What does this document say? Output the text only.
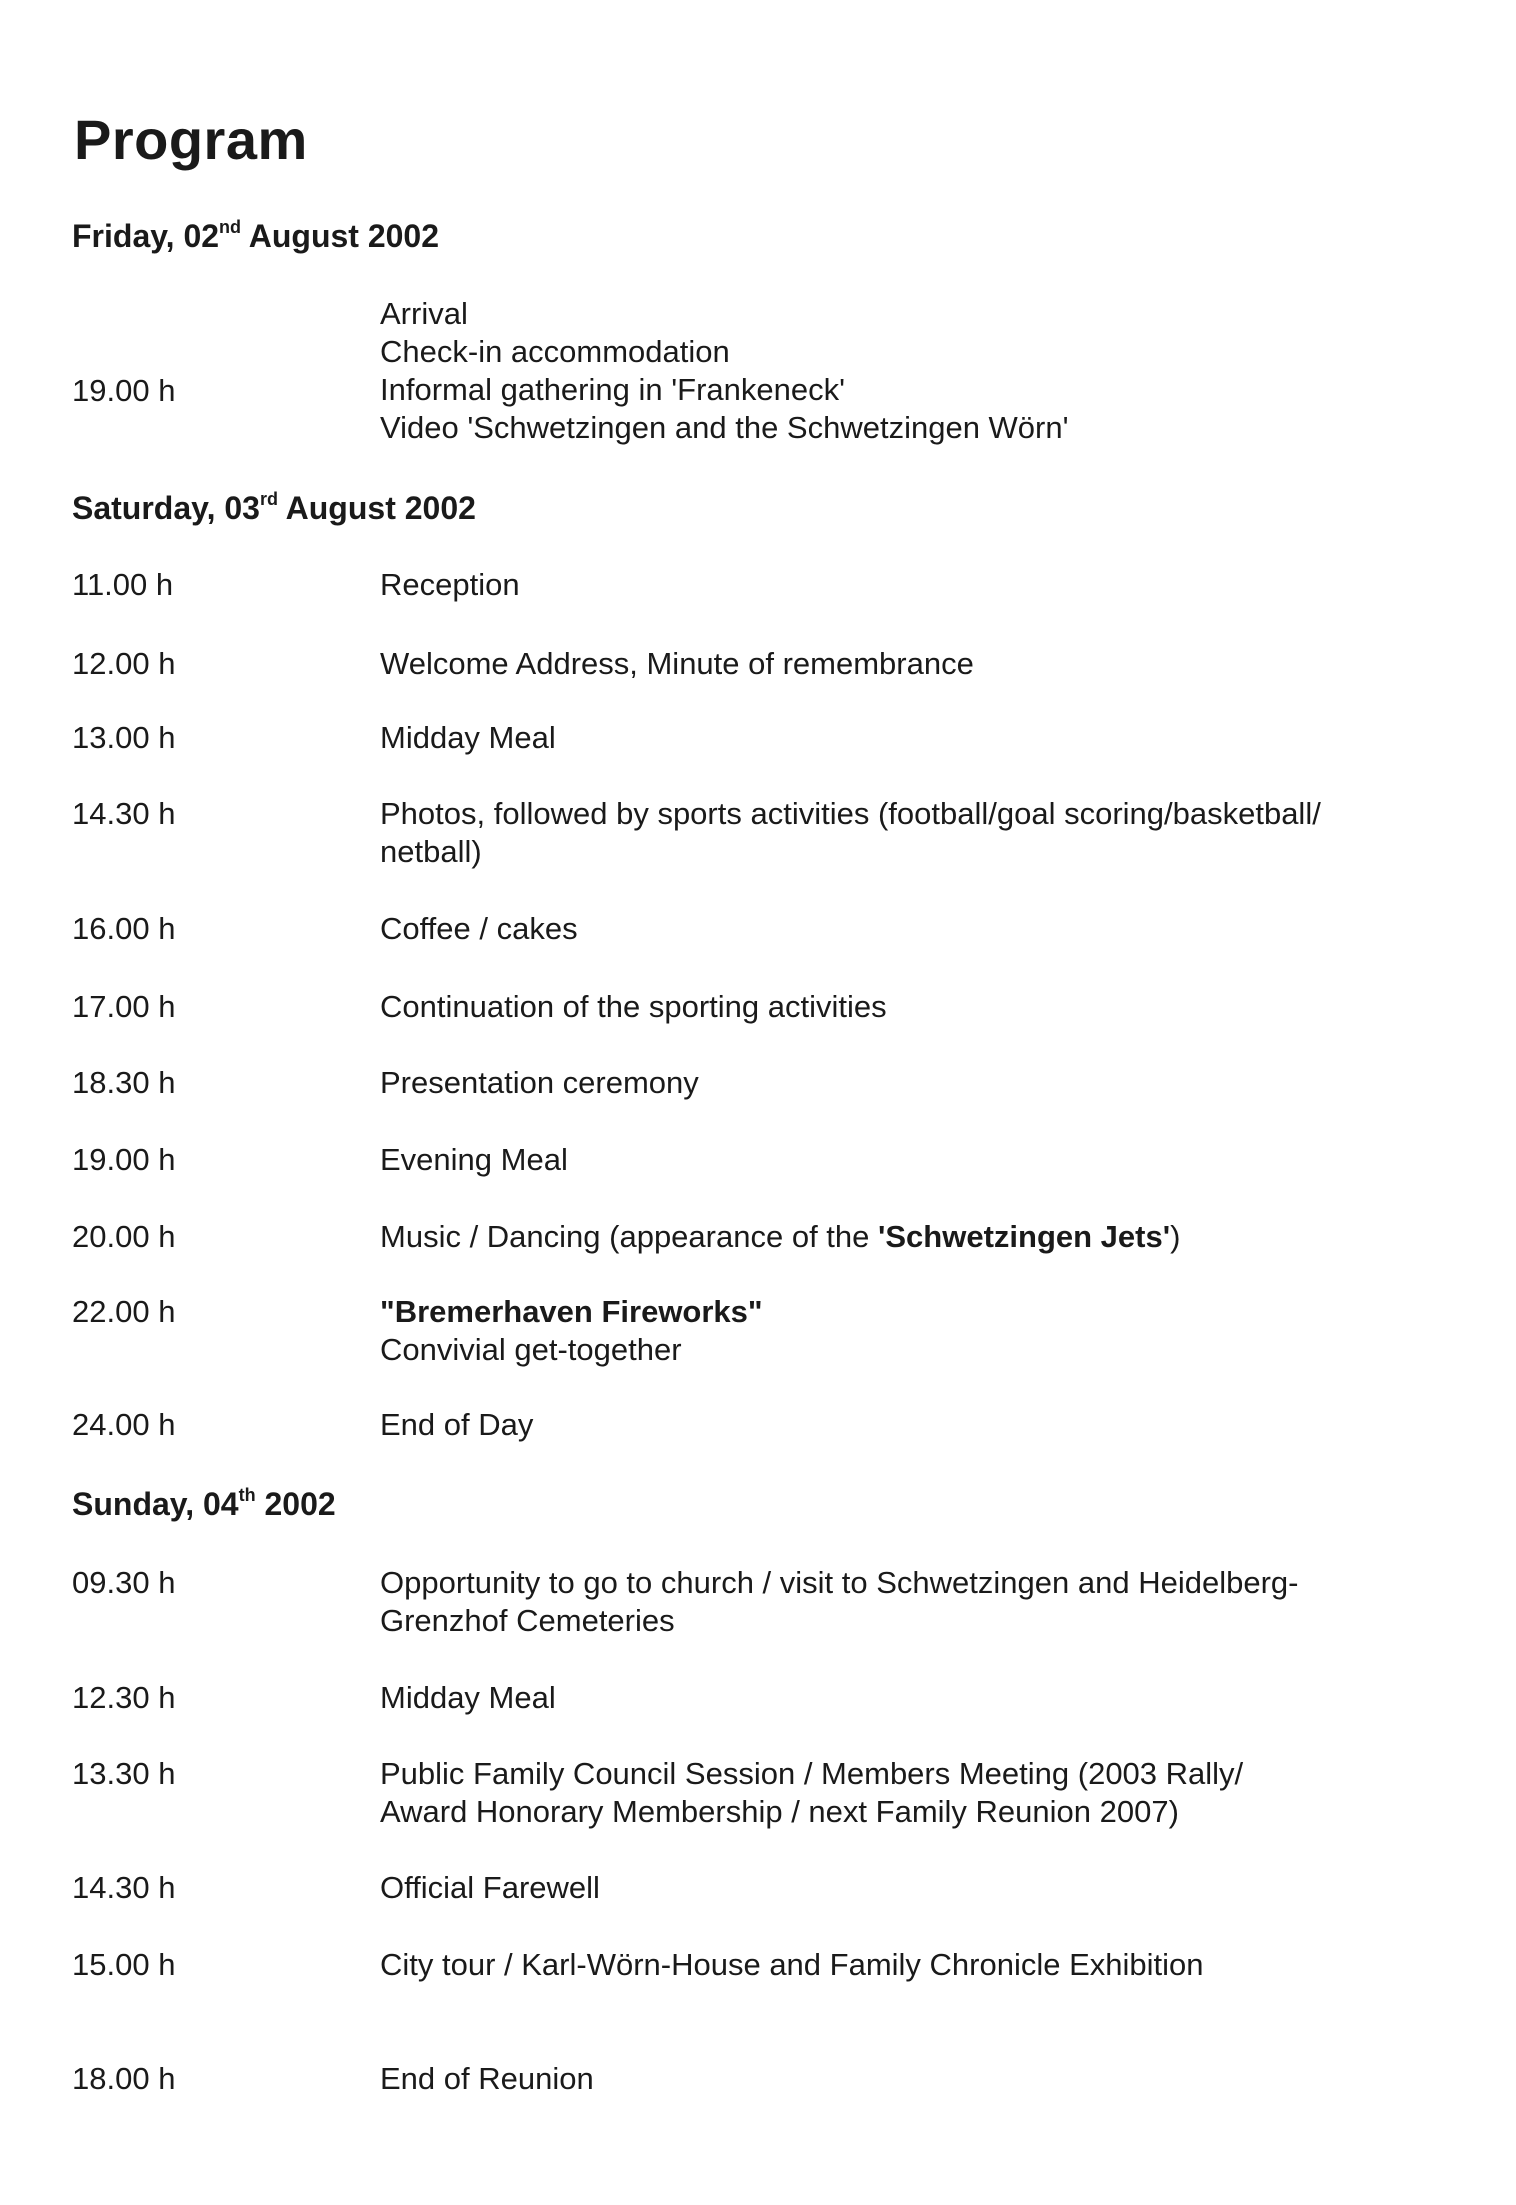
Program
Friday, 02nd August 2002
19.00 h
Arrival
Check-in accommodation
Informal gathering in 'Frankeneck'
Video 'Schwetzingen and the Schwetzingen Wörn'
Saturday, 03rd August 2002
11.00 h	Reception
12.00 h	Welcome Address, Minute of remembrance
13.00 h	Midday Meal
14.30 h	Photos, followed by sports activities (football/goal scoring/basketball/
netball)
16.00 h	Coffee / cakes
17.00 h	Continuation of the sporting activities
18.30 h	Presentation ceremony
19.00 h	Evening Meal
20.00 h	Music / Dancing (appearance of the 'Schwetzingen Jets')
22.00 h	"Bremerhaven Fireworks"
Convivial get-together
24.00 h	End of Day
Sunday, 04th 2002
09.30 h	Opportunity to go to church / visit to Schwetzingen and Heidelberg-
Grenzhof Cemeteries
12.30 h	Midday Meal
13.30 h	Public Family Council Session / Members Meeting (2003 Rally/
Award Honorary Membership / next Family Reunion 2007)
14.30 h	Official Farewell
15.00 h	City tour / Karl-Wörn-House and Family Chronicle Exhibition
18.00 h	End of Reunion
